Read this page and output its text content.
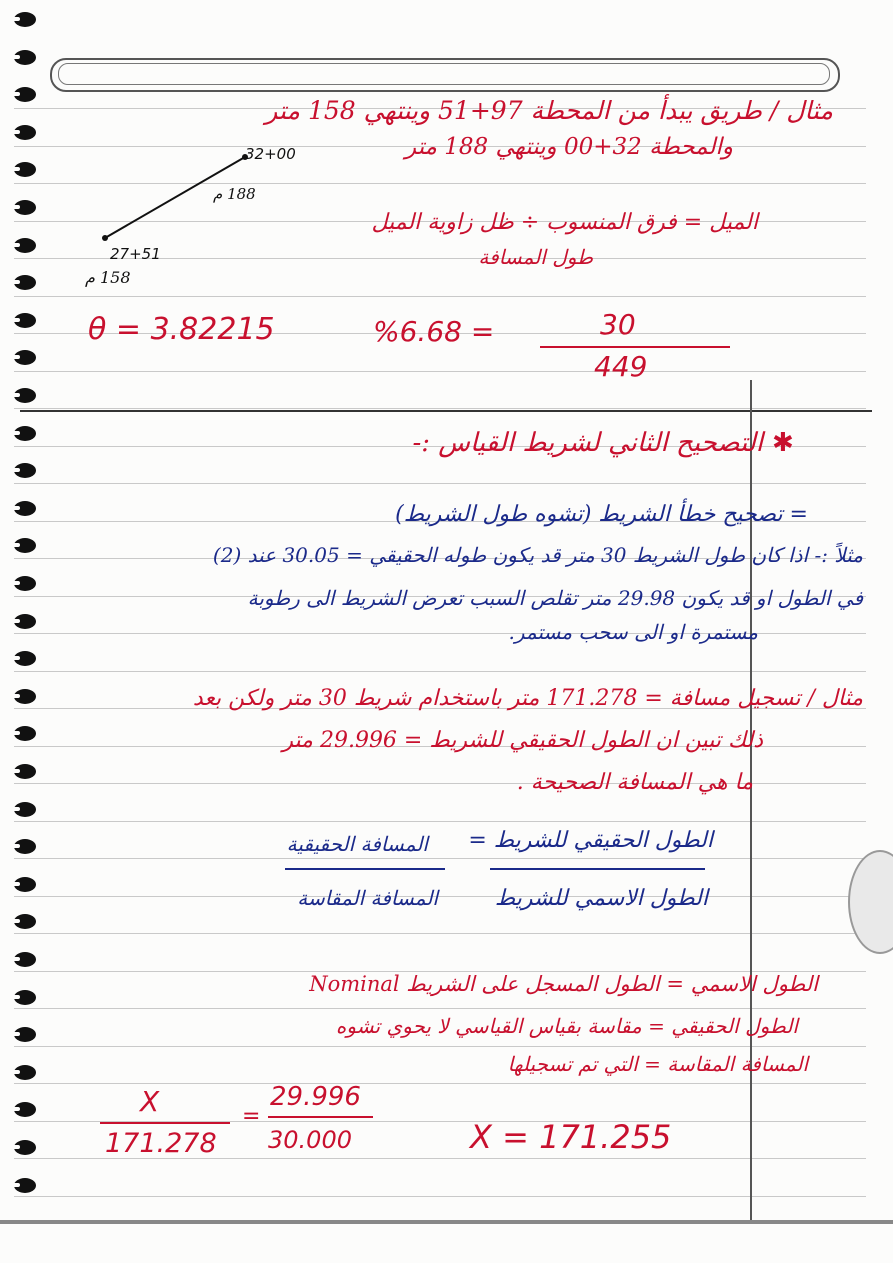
مثال / طريق يبدأ من المحطة 97+51 وينتهي 158 متر
والمحطة 32+00 وينتهي 188 متر
32+00
188 م
27+51
158 م
الميل = فرق المنسوب ÷ ظل زاوية الميل
طول المسافة
θ = 3.82215	%6.68 =	30
449
✱
التصحيح الثاني لشريط القياس :-
= تصحيح خطأ الشريط (تشوه طول الشريط)
مثلاً :- اذا كان طول الشريط 30 متر قد يكون طوله الحقيقي = 30.05 عند (2)
في الطول او قد يكون 29.98 متر تقلص السبب تعرض الشريط الى رطوبة
مستمرة او الى سحب مستمر.
مثال / تسجيل مسافة = 171.278 متر باستخدام شريط 30 متر ولكن بعد
ذلك تبين ان الطول الحقيقي للشريط = 29.996 متر
ما هي المسافة الصحيحة .
المسافة الحقيقية الطول الحقيقي للشريط =
المسافة المقاسة	الطول الاسمي للشريط
الطول الاسمي = الطول المسجل على الشريط Nominal
الطول الحقيقي = مقاسة بقياس القياسي لا يحوي تشوه
المسافة المقاسة = التي تم تسجيلها
X	=
29.996
171.278 30.000	X = 171.255
